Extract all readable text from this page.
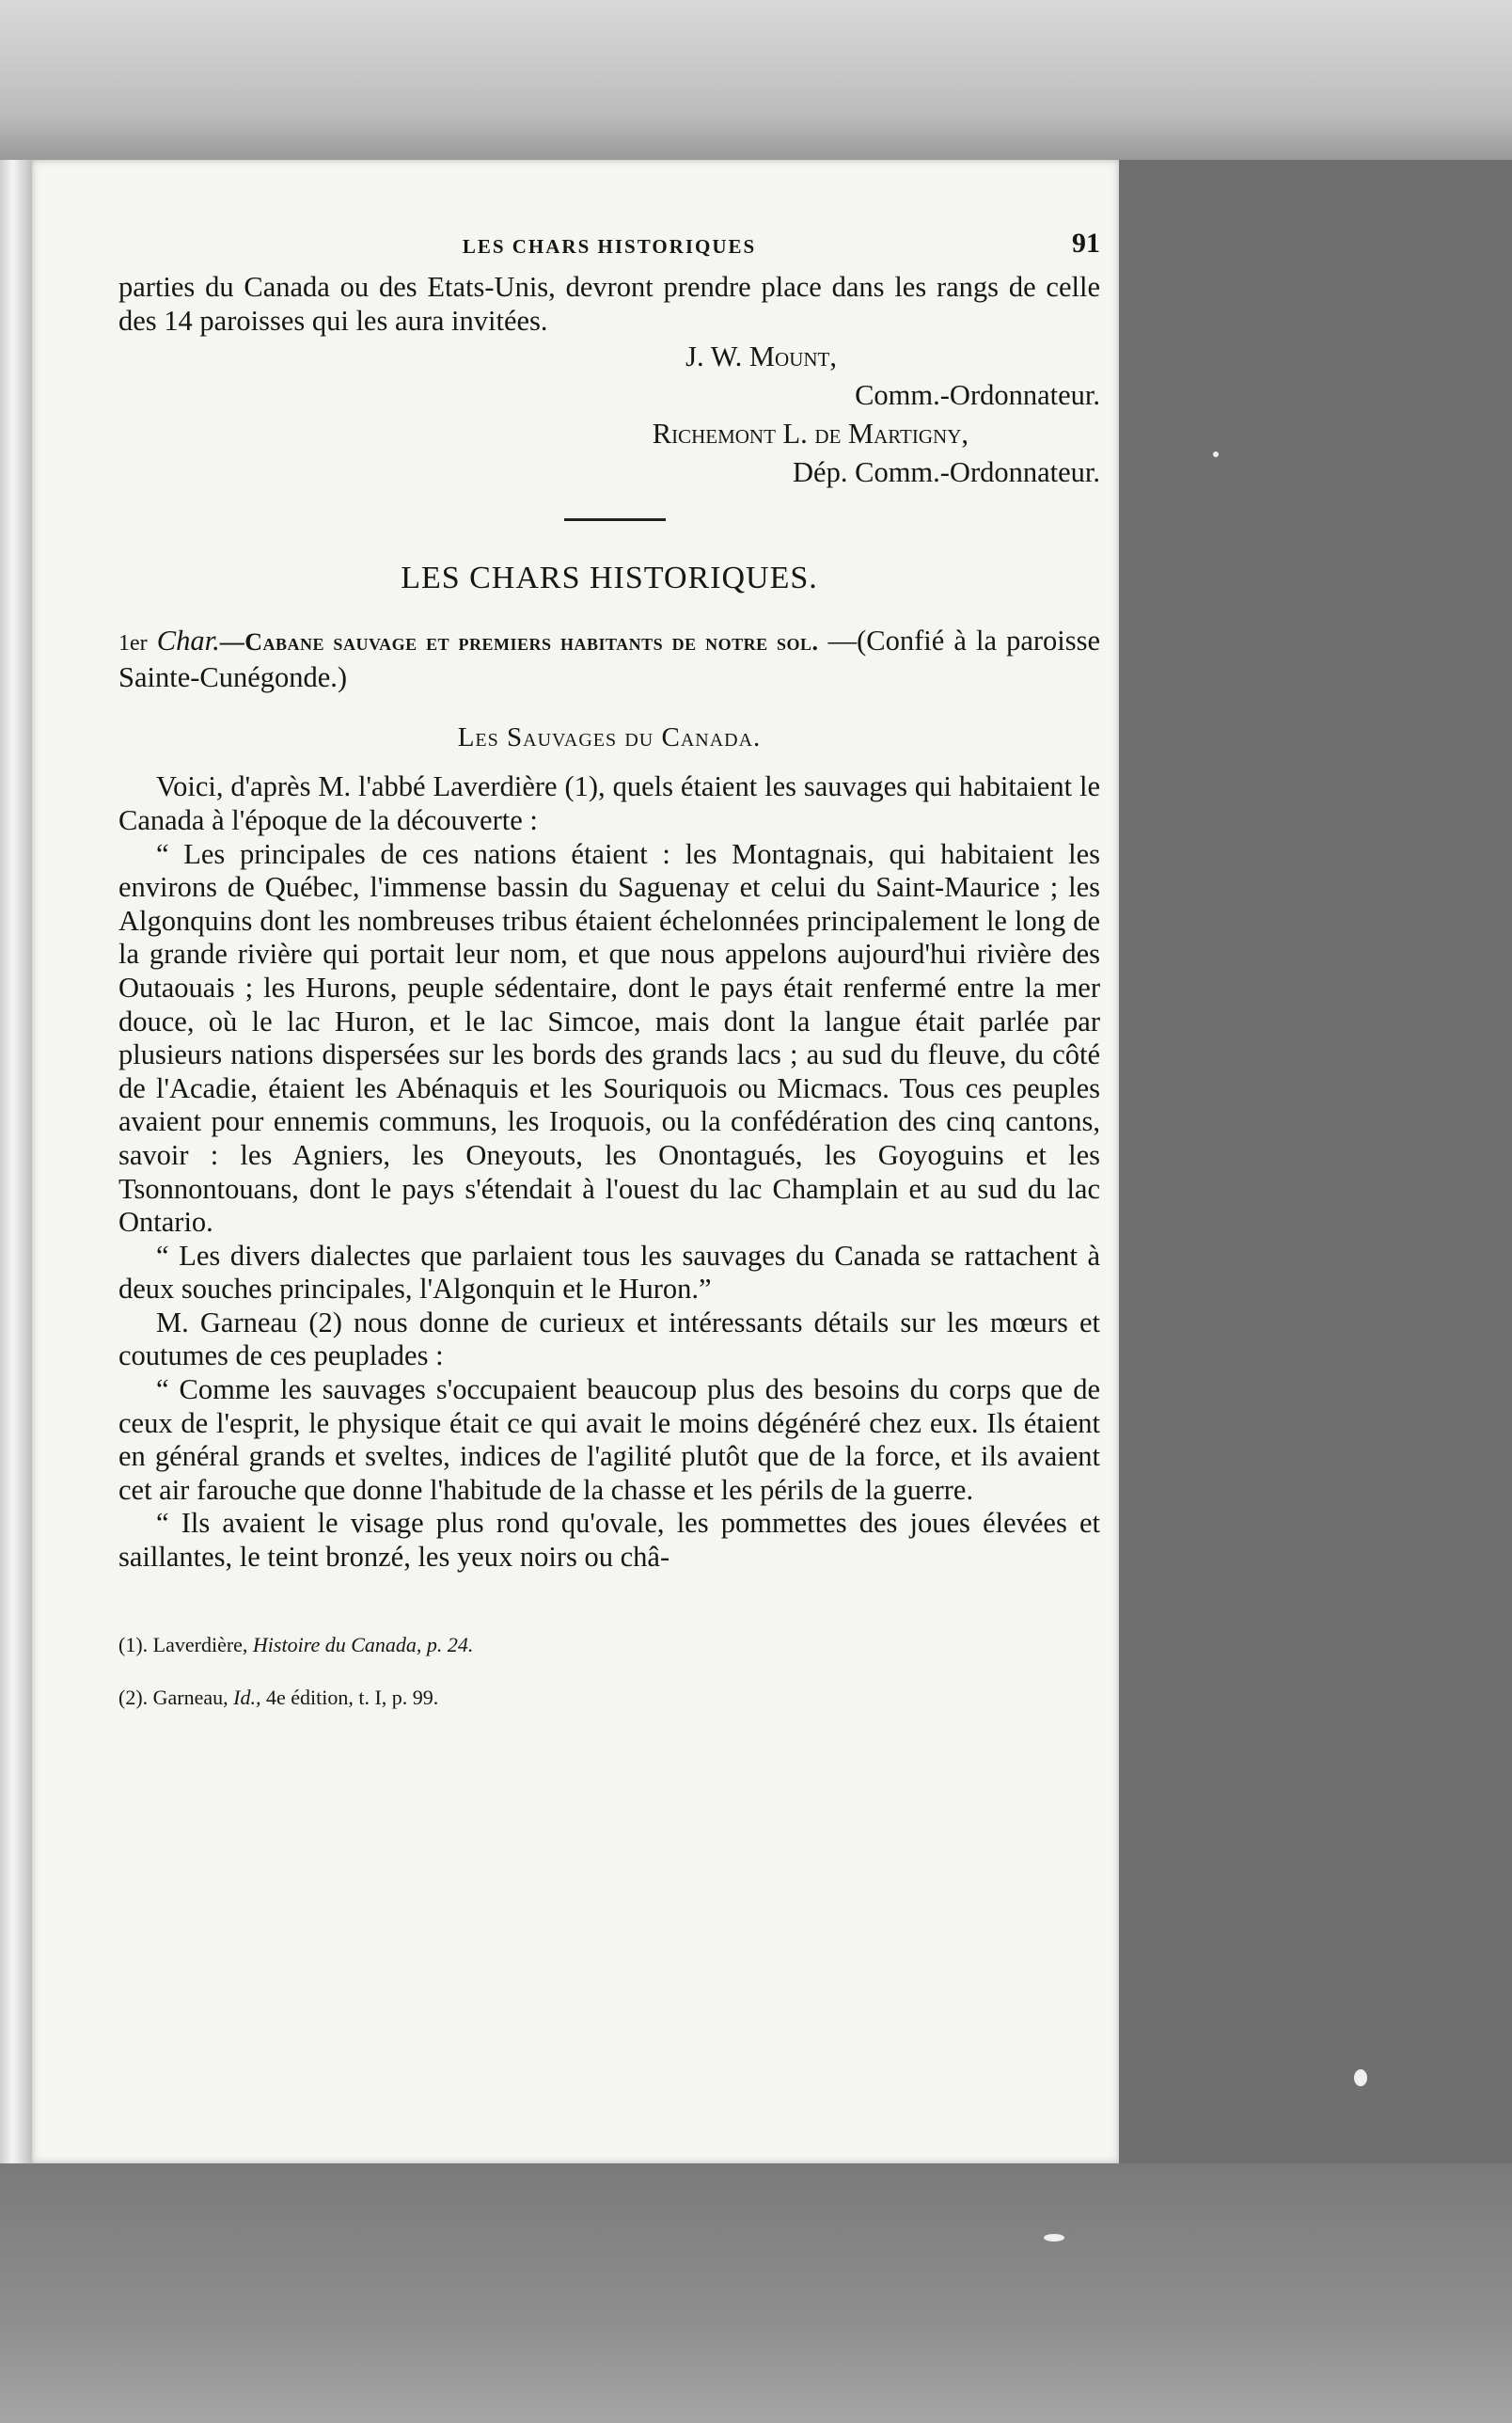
LES CHARS HISTORIQUES	91

parties du Canada ou des Etats-Unis, devront prendre place dans les rangs de celle des 14 paroisses qui les aura invitées.

J. W. Mount,

Comm.-Ordonnateur.

Richemont L. de Martigny,

Dép. Comm.-Ordonnateur.

LES CHARS HISTORIQUES.

1er Char.—Cabane sauvage et premiers habitants de notre sol. —(Confié à la paroisse Sainte-Cunégonde.)

Les Sauvages du Canada.

Voici, d'après M. l'abbé Laverdière (1), quels étaient les sauvages qui habitaient le Canada à l'époque de la découverte :

“ Les principales de ces nations étaient : les Montagnais, qui habitaient les environs de Québec, l'immense bassin du Saguenay et celui du Saint-Maurice ; les Algonquins dont les nombreuses tribus étaient échelonnées principalement le long de la grande rivière qui portait leur nom, et que nous appelons aujourd'hui rivière des Outaouais ; les Hurons, peuple sédentaire, dont le pays était renfermé entre la mer douce, où le lac Huron, et le lac Simcoe, mais dont la langue était parlée par plusieurs nations dispersées sur les bords des grands lacs ; au sud du fleuve, du côté de l'Acadie, étaient les Abénaquis et les Souriquois ou Micmacs. Tous ces peuples avaient pour ennemis communs, les Iroquois, ou la confédération des cinq cantons, savoir : les Agniers, les Oneyouts, les Onontagués, les Goyoguins et les Tsonnontouans, dont le pays s'étendait à l'ouest du lac Champlain et au sud du lac Ontario.

“ Les divers dialectes que parlaient tous les sauvages du Canada se rattachent à deux souches principales, l'Algonquin et le Huron.”

M. Garneau (2) nous donne de curieux et intéressants détails sur les mœurs et coutumes de ces peuplades :

“ Comme les sauvages s'occupaient beaucoup plus des besoins du corps que de ceux de l'esprit, le physique était ce qui avait le moins dégénéré chez eux. Ils étaient en général grands et sveltes, indices de l'agilité plutôt que de la force, et ils avaient cet air farouche que donne l'habitude de la chasse et les périls de la guerre.

“ Ils avaient le visage plus rond qu'ovale, les pommettes des joues élevées et saillantes, le teint bronzé, les yeux noirs ou châ-

(1). Laverdière, Histoire du Canada, p. 24.

(2). Garneau, Id., 4e édition, t. I, p. 99.
